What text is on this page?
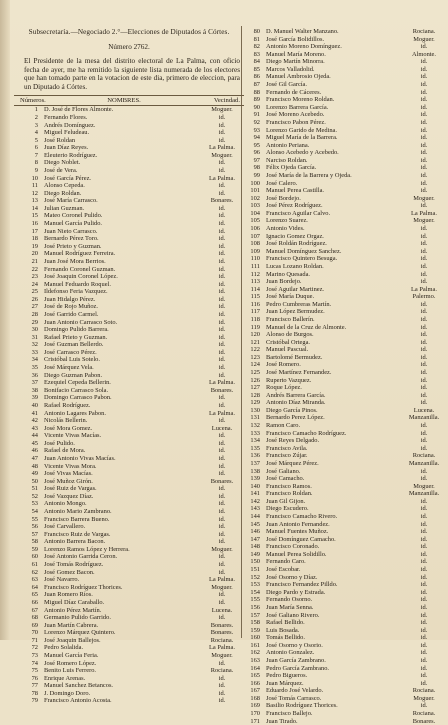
Subsecretaría.—Negociado 2.°—Elecciones de Diputados á Córtes.
Número 2762.
El Presidente de la mesa del distrito electoral de La Palma, con oficio fecha de ayer, me ha remitido la siguiente lista numerada de los electores que han tomado parte en la votacion de este dia, primero de eleccion, para un Diputado á Córtes.
Números.	NOMBRES.	Vecindad.
1 D. José de Flores Almonte.	Moguer.
2 Fernando Flores.	id.
3 Andrés Domínguez.	id.
4 Miguel Feludeau.	id.
5 José Roldan	id.
6 Juan Díaz Reyes.	La Palma.
7 Eleuterio Rodríguez.	Moguer.
8 Diego Noblet.	id.
9 José de Vera.	id.
10 José García Pérez.	La Palma.
11 Alonso Cepeda.	id.
12 Diego Roldan.	id.
13 José María Carrasco.	Bonares.
14 Julian Guzman.	id.
15 Mateo Coronel Pulido.	id.
16 Manuel García Pulido.	id.
17 Juan Nieto Carrasco.	id.
18 Bernardo Pérez Toro.	id.
19 José Prieto y Guzman.	id.
20 Manuel Rodríguez Ferreira.	id.
21 Juan José Mora Berrios.	id.
22 Fernando Coronel Guzman.	id.
23 José Joaquin Coronel López.	id.
24 Manuel Feduardo Roquel.	id.
25 Ildefonso Feria Vazquez.	id.
26 Juan Hidalgo Pérez.	id.
27 José de Rojo Muñoz.	id.
28 José Garrido Carmel.	id.
29 Juan Antonio Carrasco Soto.	id.
30 Domingo Pulido Barrera.	id.
31 Rafael Prieto y Guzman.	id.
32 José Guzman Bellerdo.	id.
33 José Carrasco Pérez.	id.
34 Cristóbal Luis Sotelo.	id.
35 José Márquez Vela.	id.
36 Diego Guzman Pabon.	id.
37 Ezequiel Cepeda Bellerin.	La Palma.
38 Bonifacio Carrasco Sola.	Bonares.
39 Domingo Carrasco Pabon.	id.
40 Rafael Rodríguez.	id.
41 Antonio Lagares Pabon.	La Palma.
42 Nicolás Bellerin.	id.
43 José Mora Gomez.	Lucena.
44 Vicente Vivas Macías.	id.
45 José Pulido.	id.
46 Rafael de Mora.	id.
47 Juan Antonio Vivas Macías.	id.
48 Vicente Vivas Mora.	id.
49 José Vivas Macías.	id.
50 José Muñoz Girón.	Bonares.
51 José Ruiz de Vargas.	id.
52 José Vazquez Díaz.	id.
53 Antonio Mongo.	id.
54 Antonio Mario Zambrano.	id.
55 Francisco Barrera Bueno.	id.
56 José Carvallero.	id.
57 Francisco Ruiz de Vargas.	id.
58 Antonio Barrera Bacon.	id.
59 Lorenzo Ramos López y Herrera.	Moguer.
60 José Antonio Garrida Ceron.	id.
61 José Tomás Rodríguez.	id.
62 José Gomez Bacon.	id.
63 José Navarro.	La Palma.
64 Francisco Rodríguez Thorices.	Moguer.
65 Juan Romero Ríos.	id.
66 Miguel Díaz Caraballo.	id.
67 Antonio Pérez Martín.	Lucena.
68 Germanio Pulido Garrido.	id.
69 Juan Martín Cabrera.	Bonares.
70 Lorenzo Márquez Quintero.	Bonares.
71 José Joaquin Ballejos.	Rociana.
72 Pedro Solalida.	La Palma.
73 Manuel García Feria.	Moguer.
74 José Romero López.	id.
75 Benito Luis Ferrero.	Rociana.
76 Enrique Arenas.	id.
77 Manuel Sanchez Betancos.	id.
78 J. Domingo Doro.	id.
79 Francisco Antonio Acosta.	id.
80 D. Manuel Walter Manzano.	Rociana.
81 José García Bolidillos.	Moguer.
82 Antonio Moreno Domínguez.	id.
83 Manuel María Moreno.	Almonte.
84 Diego Martín Minorra.	id.
85 Marcos Valladolid.	id.
86 Manuel Ambrosio Ojeda.	id.
87 José Gil García.	id.
88 Fernando de Cáceres.	id.
89 Francisco Moreno Roldan.	id.
90 Lorenzo Barrera García.	id.
91 José Moreno Acebedo.	id.
92 Francisco Pabon Pérez.	id.
93 Lorenzo Garido de Medina.	id.
94 Miguel María de la Barrera.	id.
95 Antonio Periana.	id.
96 Alonso Acebedo y Acebedo.	id.
97 Narciso Roldan.	id.
98 Félix Ojeda García.	id.
99 José María de la Barrera y Ojeda.	id.
100 José Calero.	id.
101 Manuel Perea Castilla.	id.
102 José Bordejo.	Moguer.
103 José Pérez Rodríguez.	id.
104 Francisco Aguilar Calvo.	La Palma.
105 Lorenzo Suarez.	Moguer.
106 Antonio Vides.	id.
107 Ignacio Gomez Orgaz.	id.
108 José Roldán Rodríguez.	id.
109 Manuel Domínguez Sanchez.	id.
110 Francisco Quintero Besuga.	id.
111 Lucas Lozano Roldan.	id.
112 Marino Quesada.	id.
113 Juan Bordejo.	id.
114 José Aguilar Martinez.	La Palma.
115 José María Duque.	Palermo.
116 Pedro Cumbreras Martín.	id.
117 Juan López Bermudez.	id.
118 Francisco Ballerín.	id.
119 Manuel de la Cruz de Almonte.	id.
120 Alonso de Burgos.	id.
121 Cristóbal Ortega.	id.
122 Manuel Pascual.	id.
123 Bartolomé Bermudez.	id.
124 José Romero.	id.
125 José Martínez Fernandez.	id.
126 Ruperto Vazquez.	id.
127 Roque López.	id.
128 Andrés Barrera García.	id.
129 Antonio Díaz Miranda.	id.
130 Diego García Pinos.	Lucena.
131 Bernardo Perez López.	Manzanilla.
132 Ramon Caro.	id.
133 Francisco Camacho Rodríguez.	id.
134 José Reyes Delgado.	id.
135 Francisco Avila.	id.
136 Francisco Zújar.	Rociana.
137 José Márquez Pérez.	Manzanilla.
138 José Galiano.	id.
139 José Camacho.	id.
140 Francisco Ramos.	Moguer.
141 Francisco Roldan.	Manzanilla.
142 Juan Gil Gijon.	id.
143 Diego Escudero.	id.
144 Francisco Camacho Rivero.	id.
145 Juan Antonio Fernandez.	id.
146 Manuel Fuentes Muñoz.	id.
147 José Domínguez Camacho.	id.
148 Francisco Coronado.	id.
149 Manuel Perea Solidillo.	id.
150 Fernando Caro.	id.
151 José Escobar.	id.
152 José Osorno y Díaz.	id.
153 Francisco Fernandez Pilldo.	id.
154 Diego Pardo y Estrada.	id.
155 Fernando Osorno.	id.
156 Juan María Senna.	id.
157 José Galiano Rivero.	id.
158 Rafael Bellido.	id.
159 Luis Bosada.	id.
160 Tomás Bellido.	id.
161 José Osorno y Osorio.	id.
162 Antonio Gonzalez.	id.
163 Juan García Zambrano.	id.
164 Pedro García Zambrano.	id.
165 Pedro Bigueros.	id.
166 Juan Márquez.	id.
167 Eduardo José Velardo.	Rociana.
168 José Tomás Carrasco.	Moguer.
169 Basilio Rodríguez Thorices.	id.
170 Francisco Ballejo.	Rociana.
171 Juan Tirado.	Bonares.
